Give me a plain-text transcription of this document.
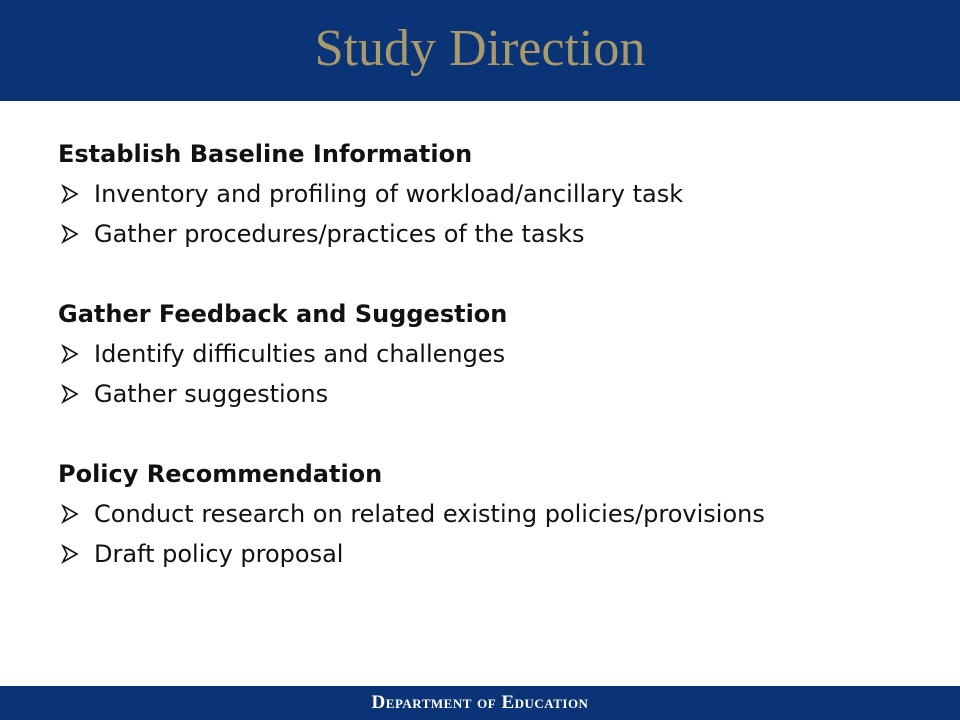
Study Direction
Establish Baseline Information
Inventory and profiling of workload/ancillary task
Gather procedures/practices of the tasks
Gather Feedback and Suggestion
Identify difficulties and challenges
Gather suggestions
Policy Recommendation
Conduct research on related existing policies/provisions
Draft policy proposal
Department of Education
